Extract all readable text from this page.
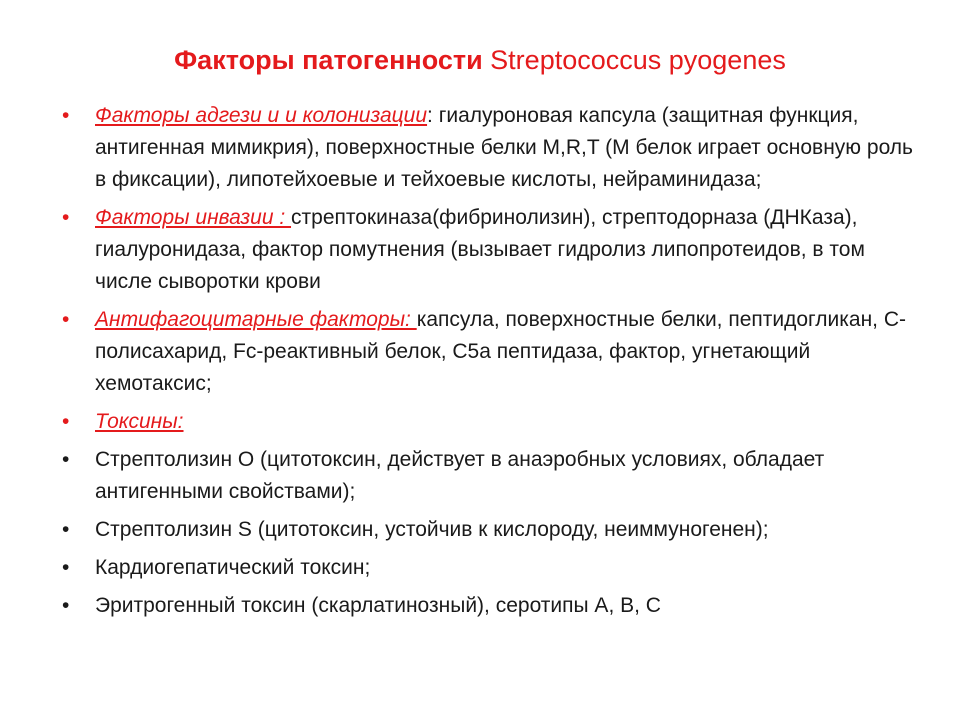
Факторы патогенности Streptococcus pyogenes
• Факторы адгези и и колонизации: гиалуроновая капсула (защитная функция, антигенная мимикрия), поверхностные белки M,R,T (М белок играет основную роль в фиксации), липотейхоевые и тейхоевые кислоты, нейраминидаза;
• Факторы инвазии : стрептокиназа(фибринолизин), стрептодорназа (ДНКаза), гиалуронидаза, фактор помутнения (вызывает гидролиз липопротеидов, в том числе сыворотки крови
• Антифагоцитарные факторы: капсула, поверхностные белки, пептидогликан, С-полисахарид, Fc-реактивный белок, С5а пептидаза, фактор, угнетающий хемотаксис;
• Токсины:
• Стрептолизин О (цитотоксин, действует в анаэробных условиях, обладает антигенными свойствами);
• Стрептолизин S (цитотоксин, устойчив к кислороду, неиммуногенен);
• Кардиогепатический токсин;
• Эритрогенный токсин (скарлатинозный), серотипы А, В, С
